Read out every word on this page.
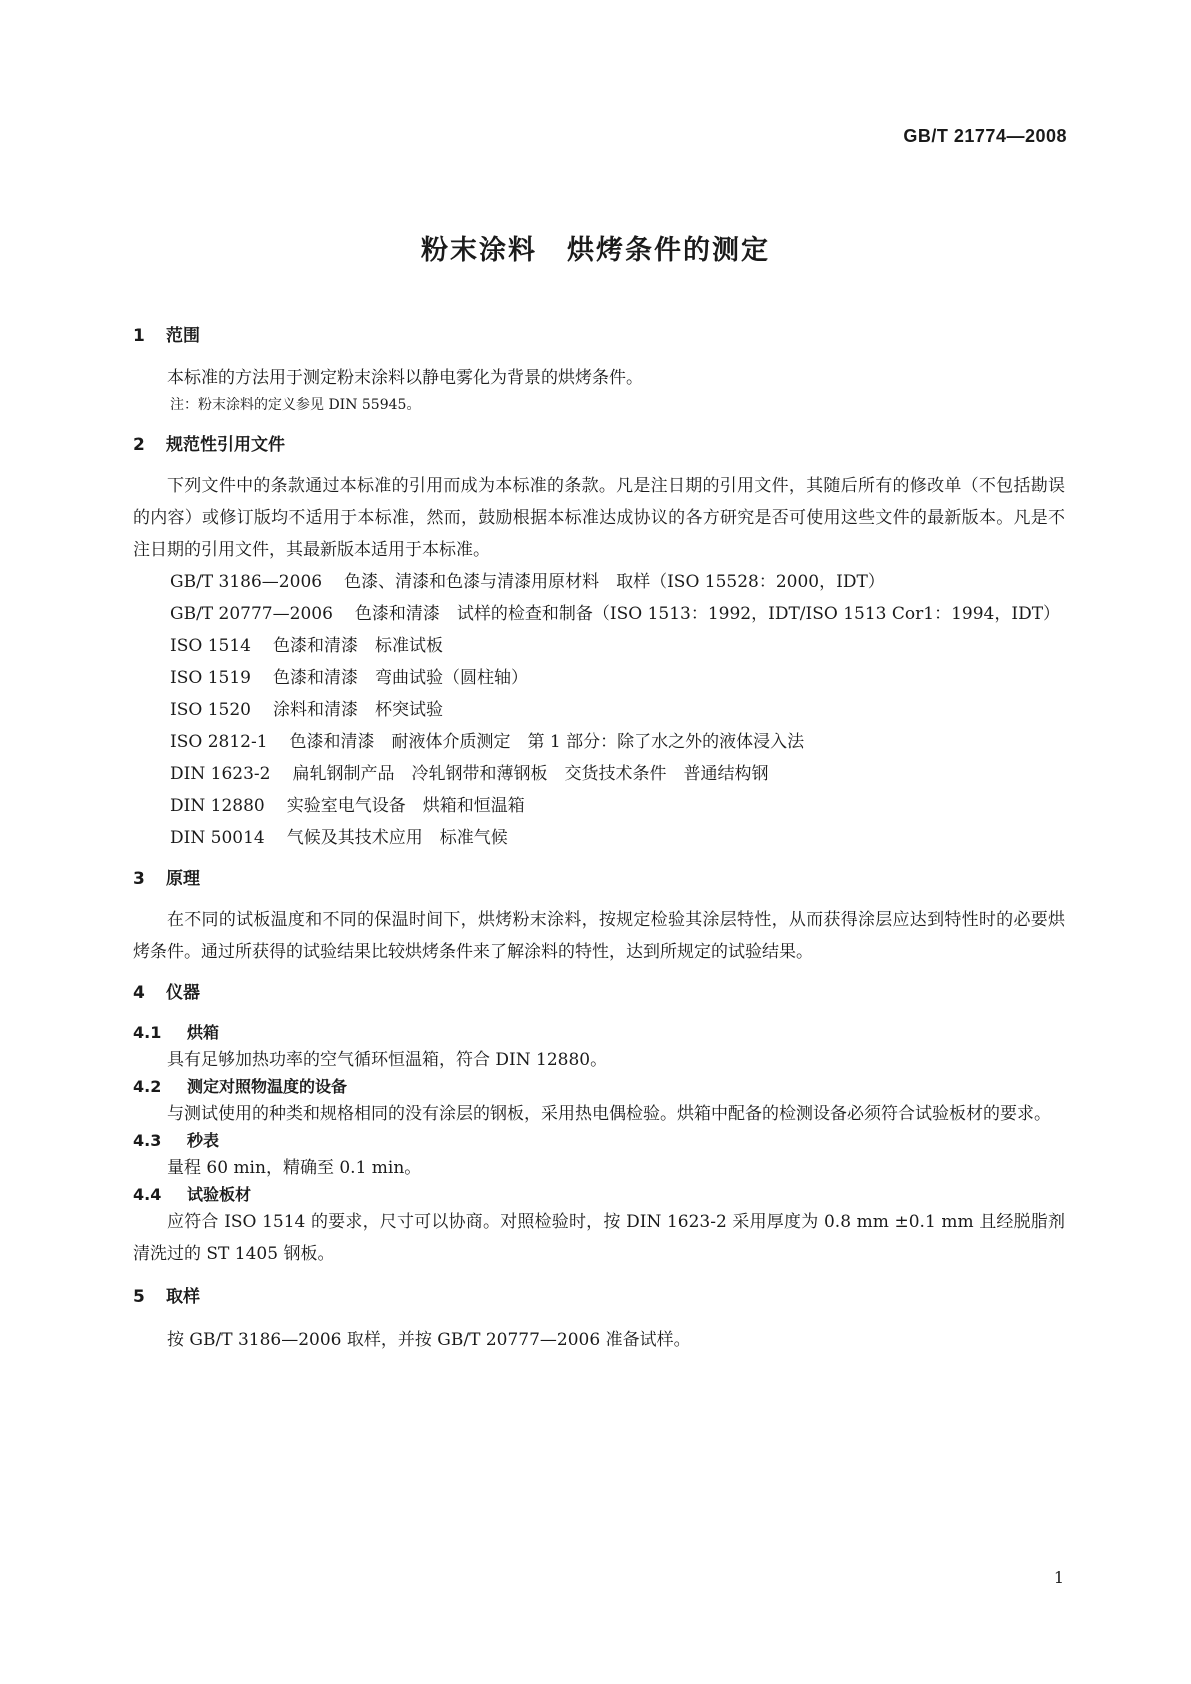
GB/T 21774—2008
粉末涂料 烘烤条件的测定
1 范围

本标准的方法用于测定粉末涂料以静电雾化为背景的烘烤条件。

注：粉末涂料的定义参见 DIN 55945。

2 规范性引用文件

下列文件中的条款通过本标准的引用而成为本标准的条款。凡是注日期的引用文件，其随后所有的修改单（不包括勘误的内容）或修订版均不适用于本标准，然而，鼓励根据本标准达成协议的各方研究是否可使用这些文件的最新版本。凡是不注日期的引用文件，其最新版本适用于本标准。

GB/T 3186—2006 色漆、清漆和色漆与清漆用原材料　取样（ISO 15528：2000，IDT）

GB/T 20777—2006 色漆和清漆　试样的检查和制备（ISO 1513：1992，IDT/ISO 1513 Cor1：1994，IDT）

ISO 1514 色漆和清漆　标准试板

ISO 1519 色漆和清漆　弯曲试验（圆柱轴）

ISO 1520 涂料和清漆　杯突试验

ISO 2812-1 色漆和清漆　耐液体介质测定　第 1 部分：除了水之外的液体浸入法

DIN 1623-2 扁轧钢制产品　冷轧钢带和薄钢板　交货技术条件　普通结构钢

DIN 12880 实验室电气设备　烘箱和恒温箱

DIN 50014 气候及其技术应用　标准气候

3 原理

在不同的试板温度和不同的保温时间下，烘烤粉末涂料，按规定检验其涂层特性，从而获得涂层应达到特性时的必要烘烤条件。通过所获得的试验结果比较烘烤条件来了解涂料的特性，达到所规定的试验结果。

4 仪器
4.1 烘箱

具有足够加热功率的空气循环恒温箱，符合 DIN 12880。

4.2 测定对照物温度的设备

与测试使用的种类和规格相同的没有涂层的钢板，采用热电偶检验。烘箱中配备的检测设备必须符合试验板材的要求。

4.3 秒表

量程 60 min，精确至 0.1 min。

4.4 试验板材

应符合 ISO 1514 的要求，尺寸可以协商。对照检验时，按 DIN 1623-2 采用厚度为 0.8 mm ±0.1 mm 且经脱脂剂清洗过的 ST 1405 钢板。

5 取样

按 GB/T 3186—2006 取样，并按 GB/T 20777—2006 准备试样。

1
